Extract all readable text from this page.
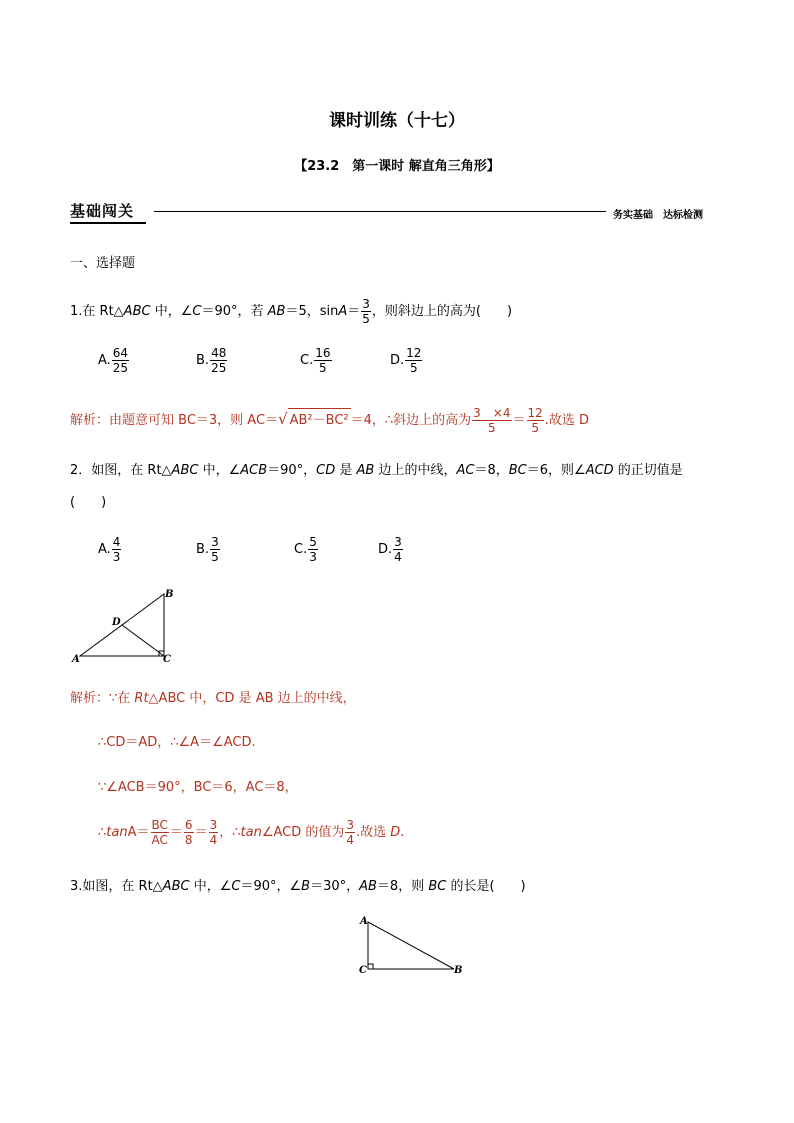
课时训练（十七）
【23.2　第一课时 解直角三角形】
基础闯关	务实基础　达标检测
一、选择题
1.在 Rt△ABC 中，∠C＝90°，若 AB＝5，$\sin A= \frac{3}{5}$ ，则斜边上的高为(　　)
A. $\frac{64}{25}$	B. $\frac{48}{25}$	C. $\frac{16}{5}$	D. $\frac{12}{5}$
解析：由题意可知 BC＝3，则 AC＝√ AB²－BC² ＝4，∴斜边上的高为 $\frac{3 \times 4}{5} = \frac{12}{5}$ .故选 D
2．如图，在 Rt△ABC 中，∠ACB＝90°，CD 是 AB 边上的中线，AC＝8，BC＝6，则∠ACD 的正切值是
(　　)
A. $\frac{4}{3}$	B. $\frac{3}{5}$	C. $\frac{5}{3}$	D. $\frac{3}{4}$
A
B
C
D
解析：∵在 Rt△ABC 中，CD 是 AB 边上的中线，
∴CD＝AD，∴∠A＝∠ACD.
∵∠ACB＝90°，BC＝6，AC＝8，
∴tanA＝ $\frac{BC}{AC} = \frac{6}{8} = \frac{3}{4}$ ，∴tan∠ACD 的值为 $\frac{3}{4}$ .故选 D.
3.如图，在 Rt△ABC 中，∠C＝90°，∠B＝30°，AB＝8，则 BC 的长是(　　)
A
C	B
